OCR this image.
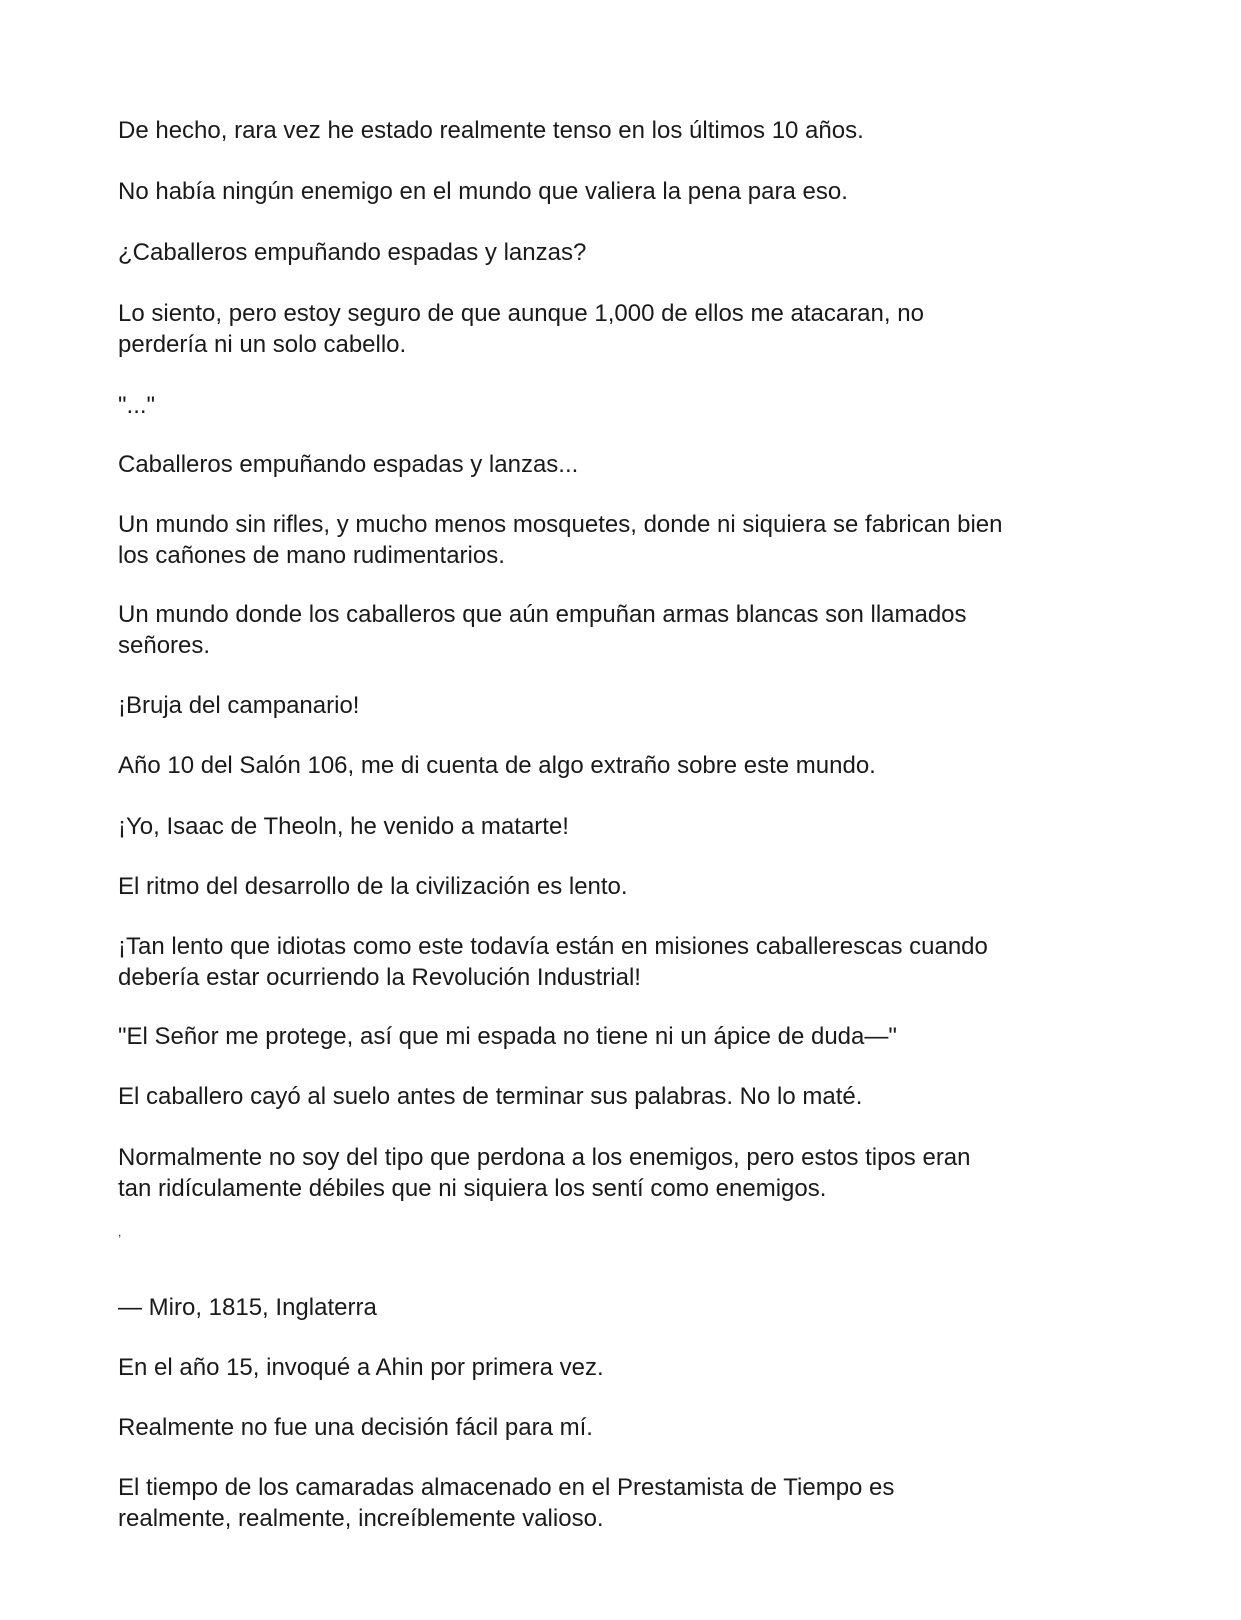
De hecho, rara vez he estado realmente tenso en los últimos 10 años.

No había ningún enemigo en el mundo que valiera la pena para eso.

¿Caballeros empuñando espadas y lanzas?

Lo siento, pero estoy seguro de que aunque 1,000 de ellos me atacaran, no
perdería ni un solo cabello.

"..."

Caballeros empuñando espadas y lanzas...

Un mundo sin rifles, y mucho menos mosquetes, donde ni siquiera se fabrican bien
los cañones de mano rudimentarios.

Un mundo donde los caballeros que aún empuñan armas blancas son llamados
señores.

¡Bruja del campanario!

Año 10 del Salón 106, me di cuenta de algo extraño sobre este mundo.

¡Yo, Isaac de Theoln, he venido a matarte!

El ritmo del desarrollo de la civilización es lento.

¡Tan lento que idiotas como este todavía están en misiones caballerescas cuando
debería estar ocurriendo la Revolución Industrial!

"El Señor me protege, así que mi espada no tiene ni un ápice de duda—"

El caballero cayó al suelo antes de terminar sus palabras. No lo maté.

Normalmente no soy del tipo que perdona a los enemigos, pero estos tipos eran
tan ridículamente débiles que ni siquiera los sentí como enemigos.

,

— Miro, 1815, Inglaterra

En el año 15, invoqué a Ahin por primera vez.

Realmente no fue una decisión fácil para mí.

El tiempo de los camaradas almacenado en el Prestamista de Tiempo es
realmente, realmente, increíblemente valioso.
